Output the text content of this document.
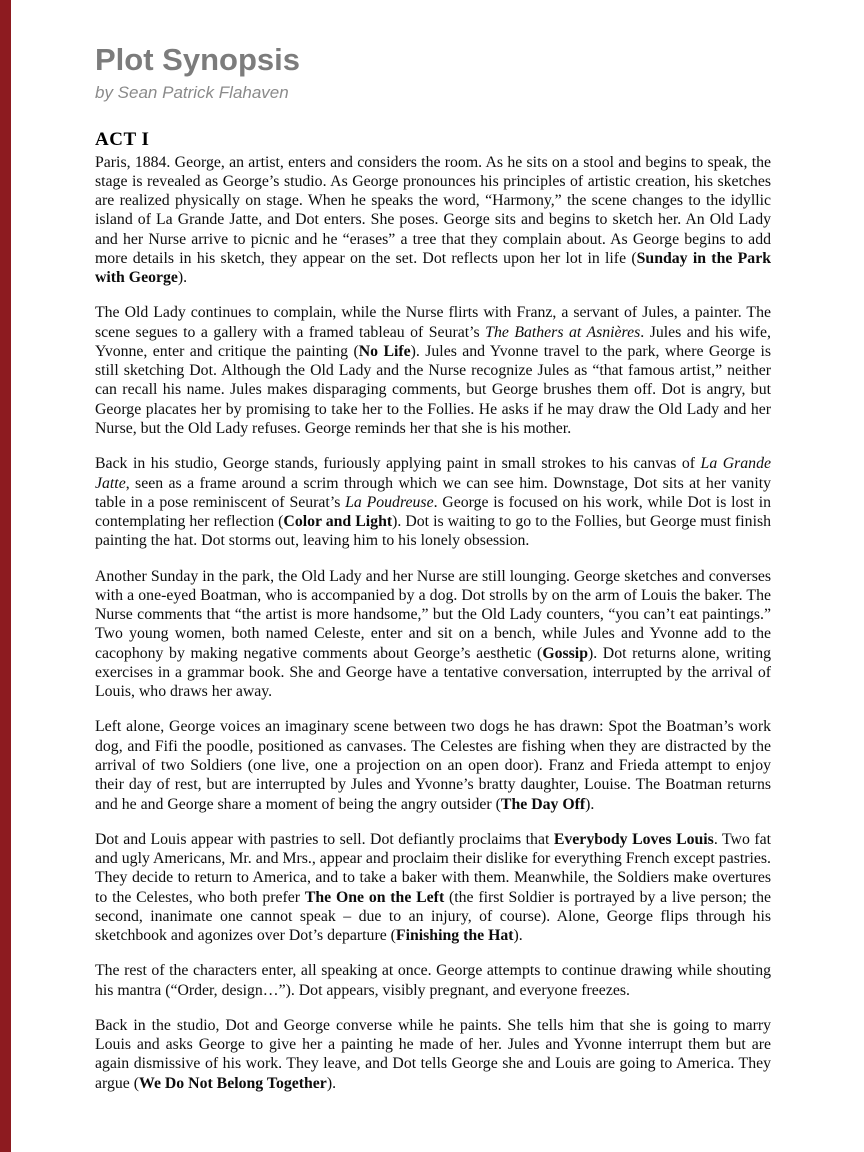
Plot Synopsis
by Sean Patrick Flahaven
ACT I

Paris, 1884. George, an artist, enters and considers the room. As he sits on a stool and begins to speak, the stage is revealed as George’s studio. As George pronounces his principles of artistic creation, his sketches are realized physically on stage. When he speaks the word, “Harmony,” the scene changes to the idyllic island of La Grande Jatte, and Dot enters. She poses. George sits and begins to sketch her. An Old Lady and her Nurse arrive to picnic and he “erases” a tree that they complain about. As George begins to add more details in his sketch, they appear on the set. Dot reflects upon her lot in life (Sunday in the Park with George).

The Old Lady continues to complain, while the Nurse flirts with Franz, a servant of Jules, a painter. The scene segues to a gallery with a framed tableau of Seurat’s The Bathers at Asnières. Jules and his wife, Yvonne, enter and critique the painting (No Life). Jules and Yvonne travel to the park, where George is still sketching Dot. Although the Old Lady and the Nurse recognize Jules as “that famous artist,” neither can recall his name. Jules makes disparaging comments, but George brushes them off. Dot is angry, but George placates her by promising to take her to the Follies. He asks if he may draw the Old Lady and her Nurse, but the Old Lady refuses. George reminds her that she is his mother.

Back in his studio, George stands, furiously applying paint in small strokes to his canvas of La Grande Jatte, seen as a frame around a scrim through which we can see him. Downstage, Dot sits at her vanity table in a pose reminiscent of Seurat’s La Poudreuse. George is focused on his work, while Dot is lost in contemplating her reflection (Color and Light). Dot is waiting to go to the Follies, but George must finish painting the hat. Dot storms out, leaving him to his lonely obsession.

Another Sunday in the park, the Old Lady and her Nurse are still lounging. George sketches and converses with a one-eyed Boatman, who is accompanied by a dog. Dot strolls by on the arm of Louis the baker. The Nurse comments that “the artist is more handsome,” but the Old Lady counters, “you can’t eat paintings.” Two young women, both named Celeste, enter and sit on a bench, while Jules and Yvonne add to the cacophony by making negative comments about George’s aesthetic (Gossip). Dot returns alone, writing exercises in a grammar book. She and George have a tentative conversation, interrupted by the arrival of Louis, who draws her away.

Left alone, George voices an imaginary scene between two dogs he has drawn: Spot the Boatman’s work dog, and Fifi the poodle, positioned as canvases. The Celestes are fishing when they are distracted by the arrival of two Soldiers (one live, one a projection on an open door). Franz and Frieda attempt to enjoy their day of rest, but are interrupted by Jules and Yvonne’s bratty daughter, Louise. The Boatman returns and he and George share a moment of being the angry outsider (The Day Off).

Dot and Louis appear with pastries to sell. Dot defiantly proclaims that Everybody Loves Louis. Two fat and ugly Americans, Mr. and Mrs., appear and proclaim their dislike for everything French except pastries. They decide to return to America, and to take a baker with them. Meanwhile, the Soldiers make overtures to the Celestes, who both prefer The One on the Left (the first Soldier is portrayed by a live person; the second, inanimate one cannot speak – due to an injury, of course). Alone, George flips through his sketchbook and agonizes over Dot’s departure (Finishing the Hat).

The rest of the characters enter, all speaking at once. George attempts to continue drawing while shouting his mantra (“Order, design…”). Dot appears, visibly pregnant, and everyone freezes.

Back in the studio, Dot and George converse while he paints. She tells him that she is going to marry Louis and asks George to give her a painting he made of her. Jules and Yvonne interrupt them but are again dismissive of his work. They leave, and Dot tells George she and Louis are going to America. They argue (We Do Not Belong Together).
